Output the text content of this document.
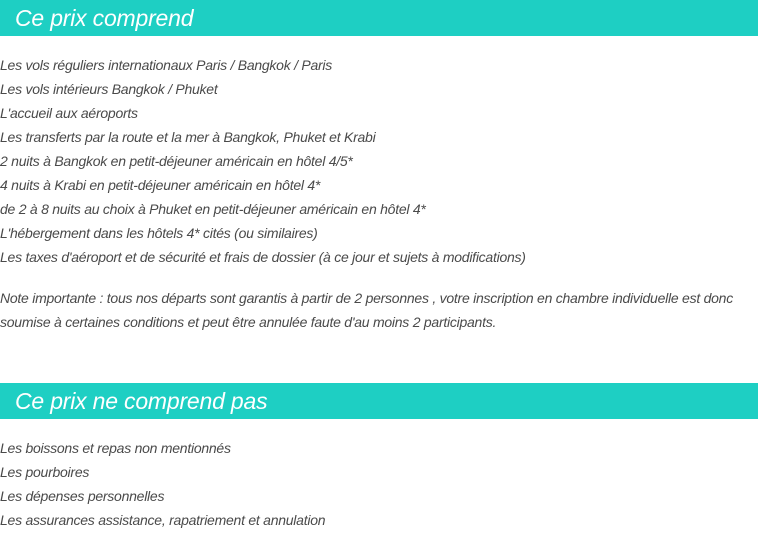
Ce prix comprend
Les vols réguliers internationaux Paris / Bangkok / Paris
Les vols intérieurs Bangkok / Phuket
L'accueil aux aéroports
Les transferts par la route et la mer à Bangkok, Phuket et Krabi
2 nuits à Bangkok en petit-déjeuner américain en hôtel 4/5*
4 nuits à Krabi en petit-déjeuner américain en hôtel 4*
de 2 à 8 nuits au choix à Phuket en petit-déjeuner américain en hôtel 4*
L'hébergement dans les hôtels 4* cités (ou similaires)
Les taxes d'aéroport et de sécurité et frais de dossier (à ce jour et sujets à modifications)

Note importante : tous nos départs sont garantis à partir de 2 personnes , votre inscription en chambre individuelle est donc soumise à certaines conditions et peut être annulée faute d'au moins 2 participants.

Ce prix ne comprend pas
Les boissons et repas non mentionnés
Les pourboires
Les dépenses personnelles
Les assurances assistance, rapatriement et annulation
